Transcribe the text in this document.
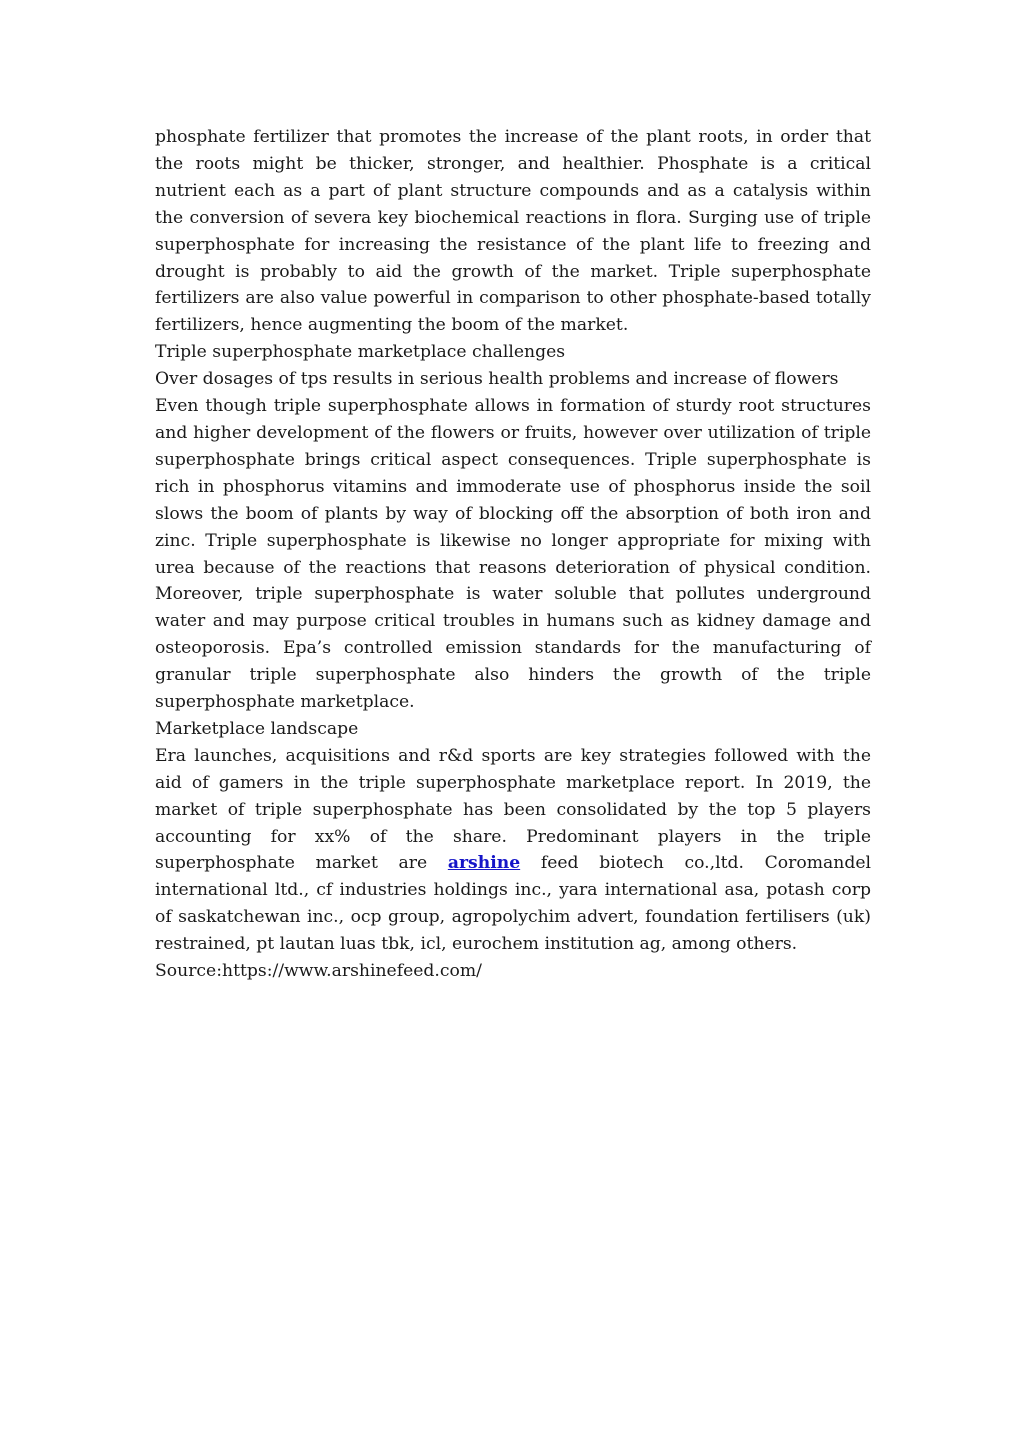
phosphate fertilizer that promotes the increase of the plant roots, in order that the roots might be thicker, stronger, and healthier. Phosphate is a critical nutrient each as a part of plant structure compounds and as a catalysis within the conversion of severa key biochemical reactions in flora. Surging use of triple superphosphate for increasing the resistance of the plant life to freezing and drought is probably to aid the growth of the market. Triple superphosphate fertilizers are also value powerful in comparison to other phosphate-based totally fertilizers, hence augmenting the boom of the market.

Triple superphosphate marketplace challenges

Over dosages of tps results in serious health problems and increase of flowers

Even though triple superphosphate allows in formation of sturdy root structures and higher development of the flowers or fruits, however over utilization of triple superphosphate brings critical aspect consequences. Triple superphosphate is rich in phosphorus vitamins and immoderate use of phosphorus inside the soil slows the boom of plants by way of blocking off the absorption of both iron and zinc. Triple superphosphate is likewise no longer appropriate for mixing with urea because of the reactions that reasons deterioration of physical condition. Moreover, triple superphosphate is water soluble that pollutes underground water and may purpose critical troubles in humans such as kidney damage and osteoporosis. Epa’s controlled emission standards for the manufacturing of granular triple superphosphate also hinders the growth of the triple superphosphate marketplace.

Marketplace landscape

Era launches, acquisitions and r&d sports are key strategies followed with the aid of gamers in the triple superphosphate marketplace report. In 2019, the market of triple superphosphate has been consolidated by the top 5 players accounting for xx% of the share. Predominant players in the triple superphosphate market are arshine feed biotech co.,ltd. Coromandel international ltd., cf industries holdings inc., yara international asa, potash corp of saskatchewan inc., ocp group, agropolychim advert, foundation fertilisers (uk) restrained, pt lautan luas tbk, icl, eurochem institution ag, among others.

Source:https://www.arshinefeed.com/
